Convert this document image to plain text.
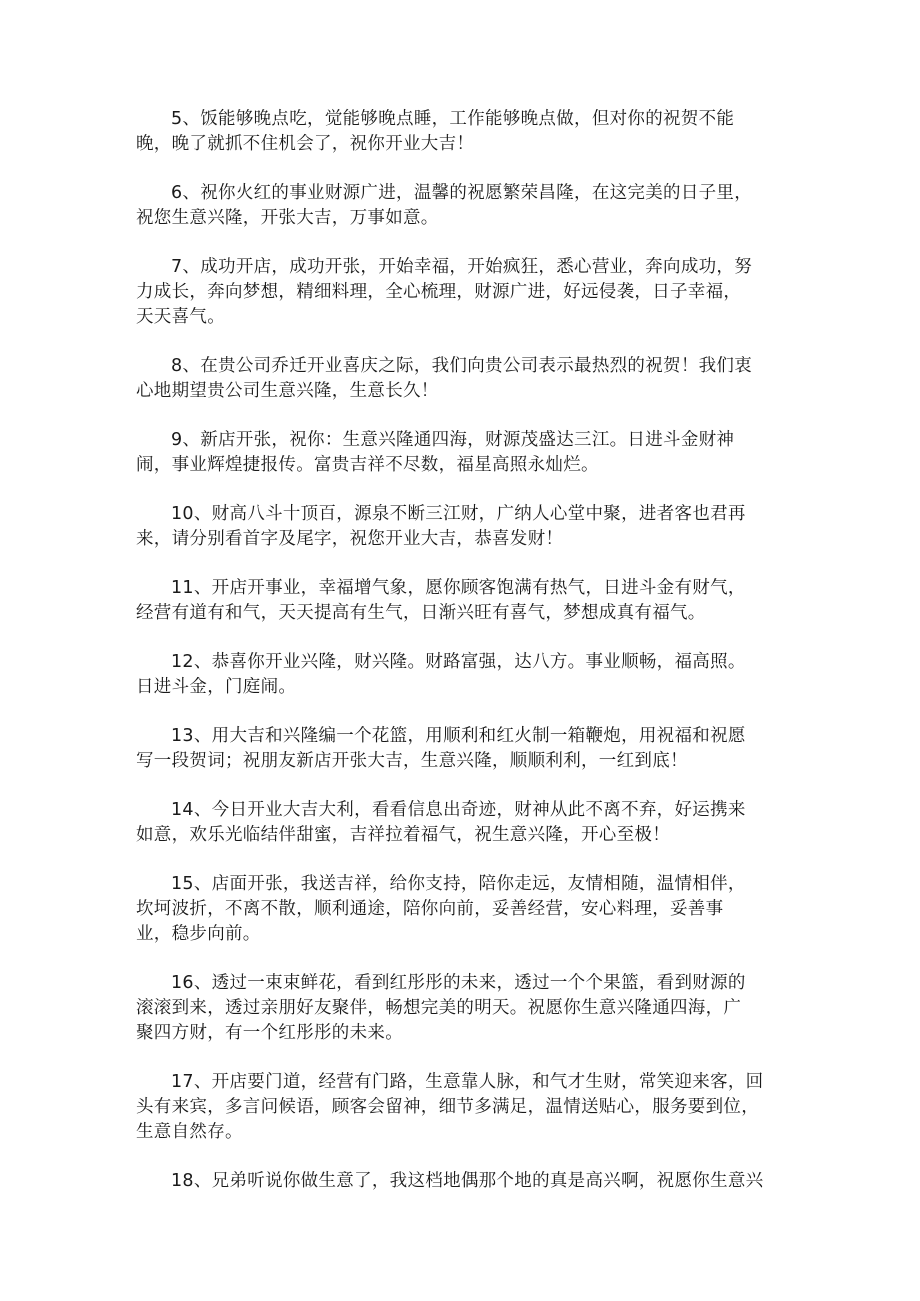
5、饭能够晚点吃，觉能够晚点睡，工作能够晚点做，但对你的祝贺不能
晚，晚了就抓不住机会了，祝你开业大吉！

6、祝你火红的事业财源广进，温馨的祝愿繁荣昌隆，在这完美的日子里，
祝您生意兴隆，开张大吉，万事如意。

7、成功开店，成功开张，开始幸福，开始疯狂，悉心营业，奔向成功，努
力成长，奔向梦想，精细料理，全心梳理，财源广进，好远侵袭，日子幸福，
天天喜气。

8、在贵公司乔迁开业喜庆之际，我们向贵公司表示最热烈的祝贺！我们衷
心地期望贵公司生意兴隆，生意长久！

9、新店开张，祝你：生意兴隆通四海，财源茂盛达三江。日进斗金财神
闹，事业辉煌捷报传。富贵吉祥不尽数，福星高照永灿烂。

10、财高八斗十顶百，源泉不断三江财，广纳人心堂中聚，进者客也君再
来，请分别看首字及尾字，祝您开业大吉，恭喜发财！

11、开店开事业，幸福增气象，愿你顾客饱满有热气，日进斗金有财气，
经营有道有和气，天天提高有生气，日渐兴旺有喜气，梦想成真有福气。

12、恭喜你开业兴隆，财兴隆。财路富强，达八方。事业顺畅，福高照。
日进斗金，门庭闹。

13、用大吉和兴隆编一个花篮，用顺利和红火制一箱鞭炮，用祝福和祝愿
写一段贺词；祝朋友新店开张大吉，生意兴隆，顺顺利利，一红到底！

14、今日开业大吉大利，看看信息出奇迹，财神从此不离不弃，好运携来
如意，欢乐光临结伴甜蜜，吉祥拉着福气，祝生意兴隆，开心至极！

15、店面开张，我送吉祥，给你支持，陪你走远，友情相随，温情相伴，
坎坷波折，不离不散，顺利通途，陪你向前，妥善经营，安心料理，妥善事
业，稳步向前。

16、透过一束束鲜花，看到红彤彤的未来，透过一个个果篮，看到财源的
滚滚到来，透过亲朋好友聚伴，畅想完美的明天。祝愿你生意兴隆通四海，广
聚四方财，有一个红彤彤的未来。

17、开店要门道，经营有门路，生意靠人脉，和气才生财，常笑迎来客，回
头有来宾，多言问候语，顾客会留神，细节多满足，温情送贴心，服务要到位，
生意自然存。

18、兄弟听说你做生意了，我这档地偶那个地的真是高兴啊，祝愿你生意兴
